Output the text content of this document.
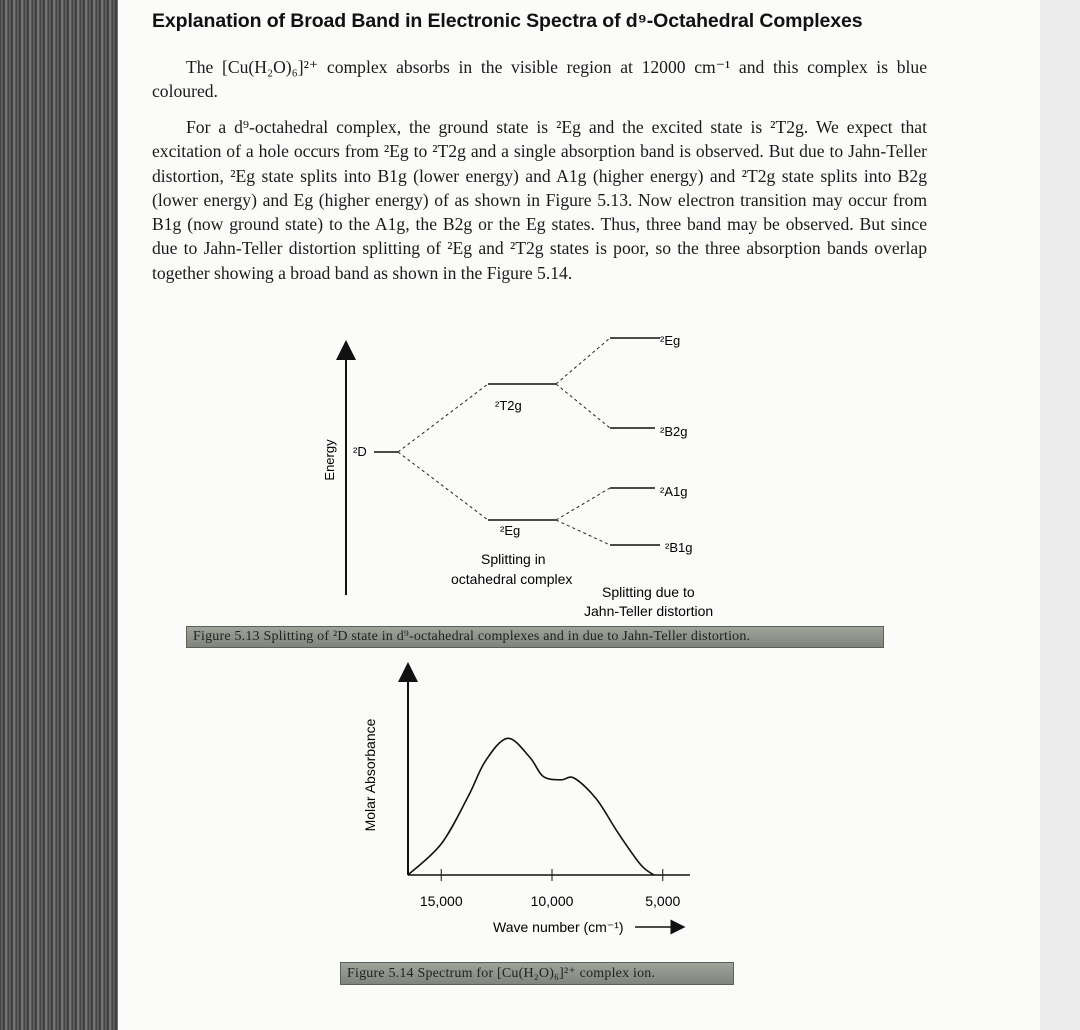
Explanation of Broad Band in Electronic Spectra of d⁹-Octahedral Complexes
The [Cu(H₂O)₆]²⁺ complex absorbs in the visible region at 12000 cm⁻¹ and this complex is blue coloured.
For a d⁹-octahedral complex, the ground state is ²Eg and the excited state is ²T2g. We expect that excitation of a hole occurs from ²Eg to ²T2g and a single absorption band is observed. But due to Jahn-Teller distortion, ²Eg state splits into B1g (lower energy) and A1g (higher energy) and ²T2g state splits into B2g (lower energy) and Eg (higher energy) of as shown in Figure 5.13. Now electron transition may occur from B1g (now ground state) to the A1g, the B2g or the Eg states. Thus, three band may be observed. But since due to Jahn-Teller distortion splitting of ²Eg and ²T2g states is poor, so the three absorption bands overlap together showing a broad band as shown in the Figure 5.14.
Energy ²D
²T2g
²Eg
²Eg
²B2g
²A1g
²B1g
Splitting in
octahedral complex
Splitting due to
Jahn-Teller distortion
Molar Absorbance
15,000	10,000	5,000
Wave number (cm⁻¹)
Figure 5.13 Splitting of ²D state in d⁹-octahedral complexes and in due to Jahn-Teller distortion.
Figure 5.14 Spectrum for [Cu(H₂O)₆]²⁺ complex ion.
